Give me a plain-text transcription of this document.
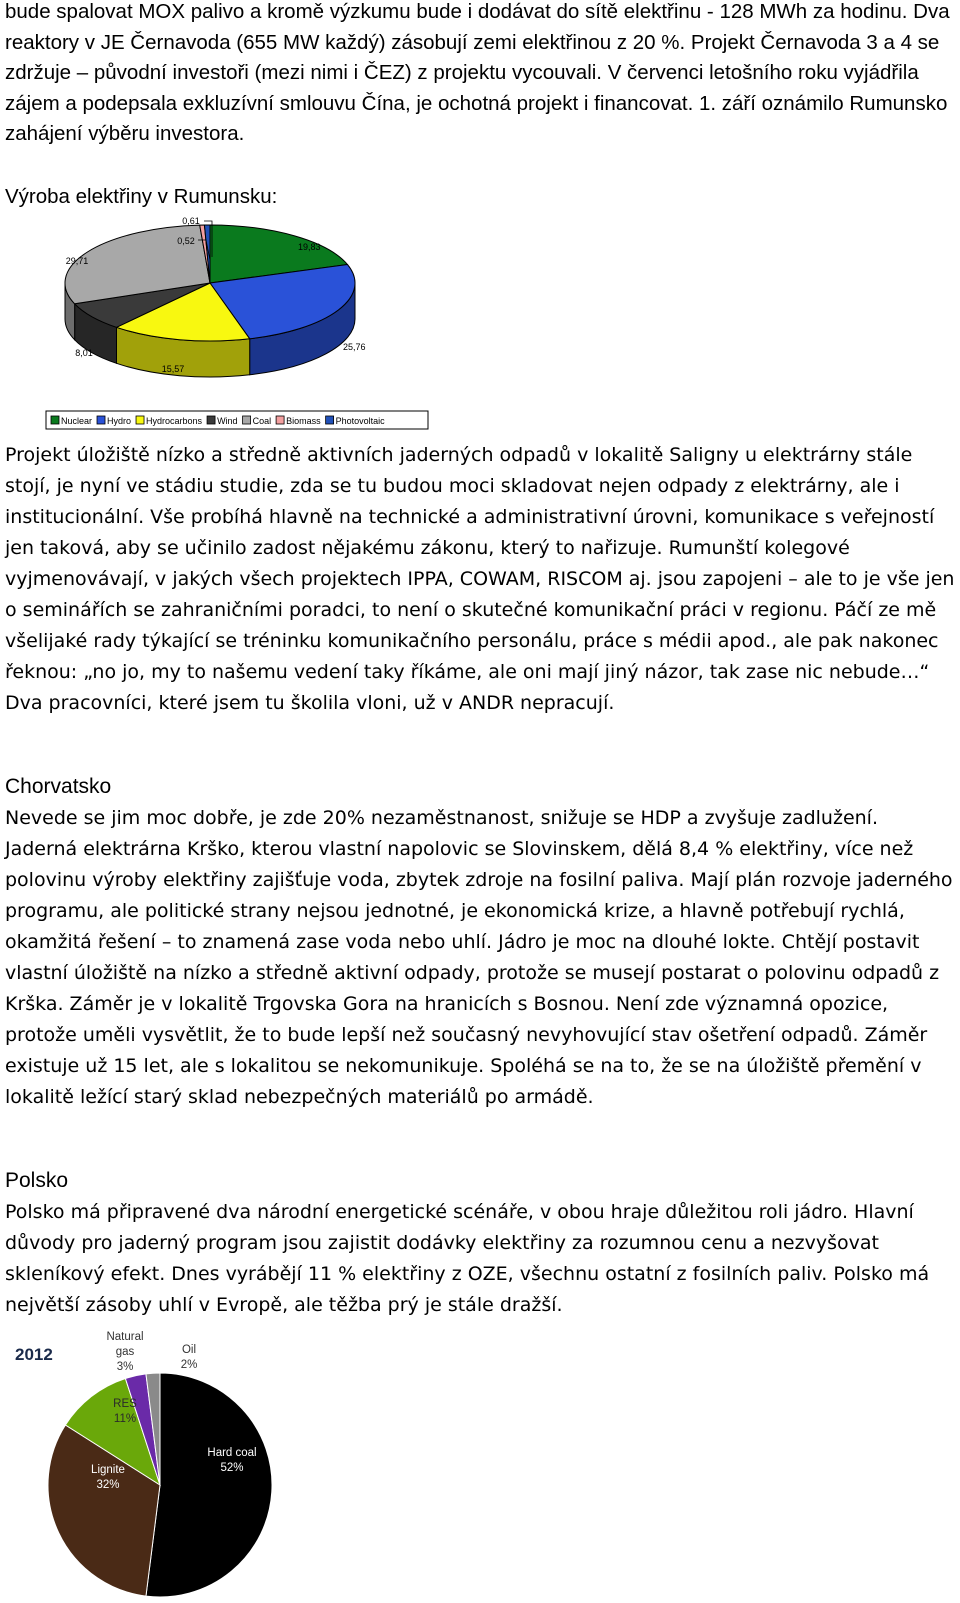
bude spalovat MOX palivo a kromě výzkumu bude i dodávat do sítě elektřinu - 128 MWh za hodinu. Dva reaktory v JE Černavoda (655 MW každý) zásobují zemi elektřinou z 20 %. Projekt Černavoda 3 a 4 se zdržuje – původní investoři (mezi nimi i ČEZ) z projektu vycouvali. V červenci letošního roku vyjádřila zájem a podepsala exkluzívní smlouvu Čína, je ochotná projekt i financovat. 1. září oznámilo Rumunsko zahájení výběru investora.

Výroba elektřiny v Rumunsku:

19,83
25,76
15,57
8,01
29,71
0,52
0,61
Nuclear Hydro Hydrocarbons Wind Coal Biomass Photovoltaic

Projekt úložiště nízko a středně aktivních jaderných odpadů v lokalitě Saligny u elektrárny stále stojí, je nyní ve stádiu studie, zda se tu budou moci skladovat nejen odpady z elektrárny, ale i institucionální. Vše probíhá hlavně na technické a administrativní úrovni, komunikace s veřejností jen taková, aby se učinilo zadost nějakému zákonu, který to nařizuje. Rumunští kolegové vyjmenovávají, v jakých všech projektech IPPA, COWAM, RISCOM aj. jsou zapojeni – ale to je vše jen o seminářích se zahraničními poradci, to není o skutečné komunikační práci v regionu. Páčí ze mě všelijaké rady týkající se tréninku komunikačního personálu, práce s médii apod., ale pak nakonec řeknou: „no jo, my to našemu vedení taky říkáme, ale oni mají jiný názor, tak zase nic nebude…“ Dva pracovníci, které jsem tu školila vloni, už v ANDR nepracují.

Chorvatsko

Nevede se jim moc dobře, je zde 20% nezaměstnanost, snižuje se HDP a zvyšuje zadlužení. Jaderná elektrárna Krško, kterou vlastní napolovic se Slovinskem, dělá 8,4 % elektřiny, více než polovinu výroby elektřiny zajišťuje voda, zbytek zdroje na fosilní paliva. Mají plán rozvoje jaderného programu, ale politické strany nejsou jednotné, je ekonomická krize, a hlavně potřebují rychlá, okamžitá řešení – to znamená zase voda nebo uhlí. Jádro je moc na dlouhé lokte. Chtějí postavit vlastní úložiště na nízko a středně aktivní odpady, protože se musejí postarat o polovinu odpadů z Krška. Záměr je v lokalitě Trgovska Gora na hranicích s Bosnou. Není zde významná opozice, protože uměli vysvětlit, že to bude lepší než současný nevyhovující stav ošetření odpadů. Záměr existuje už 15 let, ale s lokalitou se nekomunikuje. Spoléhá se na to, že se na úložiště přemění v lokalitě ležící starý sklad nebezpečných materiálů po armádě.

Polsko

Polsko má připravené dva národní energetické scénáře, v obou hraje důležitou roli jádro. Hlavní důvody pro jaderný program jsou zajistit dodávky elektřiny za rozumnou cenu a nezvyšovat skleníkový efekt. Dnes vyrábějí 11 % elektřiny z OZE, všechnu ostatní z fosilních paliv. Polsko má největší zásoby uhlí v Evropě, ale těžba prý je stále dražší.

2012
Hard coal 52%
Lignite 32%
RES 11%
Natural gas 3%
Oil 2%
